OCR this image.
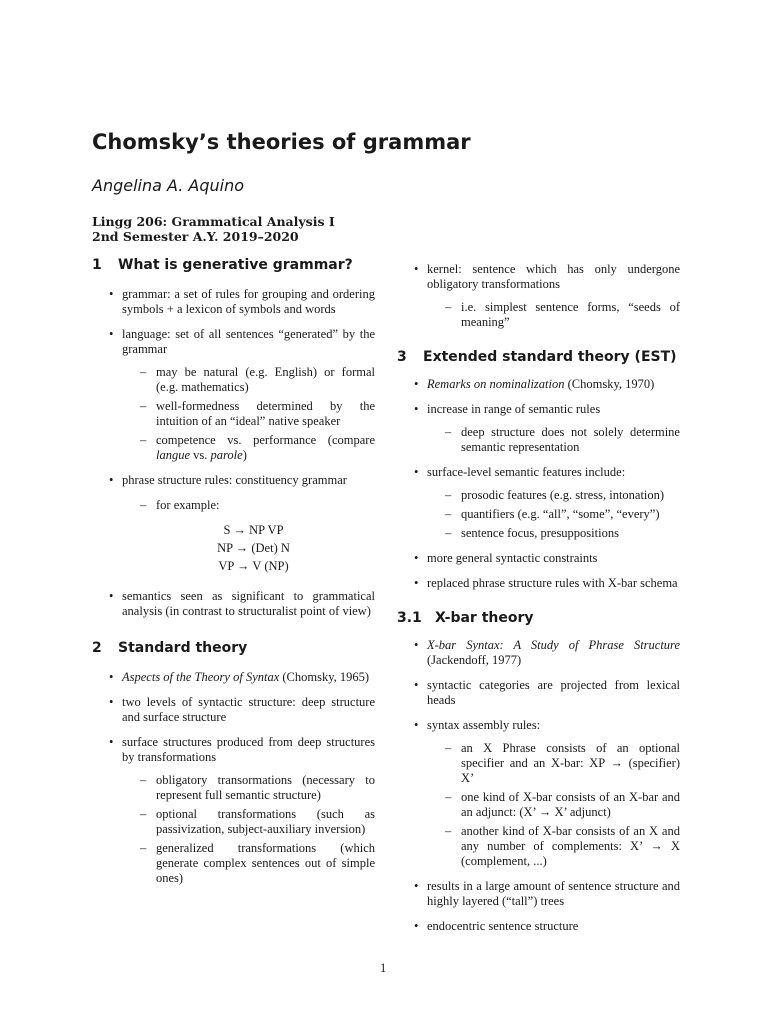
Chomsky’s theories of grammar
Angelina A. Aquino
Lingg 206: Grammatical Analysis I
2nd Semester A.Y. 2019–2020
1	What is generative grammar?
• grammar: a set of rules for grouping and ordering symbols + a lexicon of symbols and words
• language: set of all sentences “generated” by the grammar
– may be natural (e.g. English) or formal (e.g. mathematics)
– well-formedness determined by the intuition of an “ideal” native speaker
– competence vs. performance (compare langue vs. parole)
• phrase structure rules: constituency grammar
– for example:
S → NP VP
NP → (Det) N
VP → V (NP)
• semantics seen as significant to grammatical analysis (in contrast to structuralist point of view)
2	Standard theory
• Aspects of the Theory of Syntax (Chomsky, 1965)
• two levels of syntactic structure: deep structure and surface structure
• surface structures produced from deep structures by transformations
– obligatory transormations (necessary to represent full semantic structure)
– optional transformations (such as passivization, subject-auxiliary inversion)
– generalized transformations (which generate complex sentences out of simple ones)
• kernel: sentence which has only undergone obligatory transformations
– i.e. simplest sentence forms, “seeds of meaning”
3	Extended standard theory (EST)
• Remarks on nominalization (Chomsky, 1970)
• increase in range of semantic rules
– deep structure does not solely determine semantic representation
• surface-level semantic features include:
– prosodic features (e.g. stress, intonation)
– quantifiers (e.g. “all”, “some”, “every”)
– sentence focus, presuppositions
• more general syntactic constraints
• replaced phrase structure rules with X-bar schema
3.1 X-bar theory
• X-bar Syntax: A Study of Phrase Structure (Jackendoff, 1977)
• syntactic categories are projected from lexical heads
• syntax assembly rules:
– an X Phrase consists of an optional specifier and an X-bar: XP → (specifier) X’
– one kind of X-bar consists of an X-bar and an adjunct: (X’ → X’ adjunct)
– another kind of X-bar consists of an X and any number of complements: X’ → X (complement, ...)
• results in a large amount of sentence structure and highly layered (“tall”) trees
• endocentric sentence structure
1
